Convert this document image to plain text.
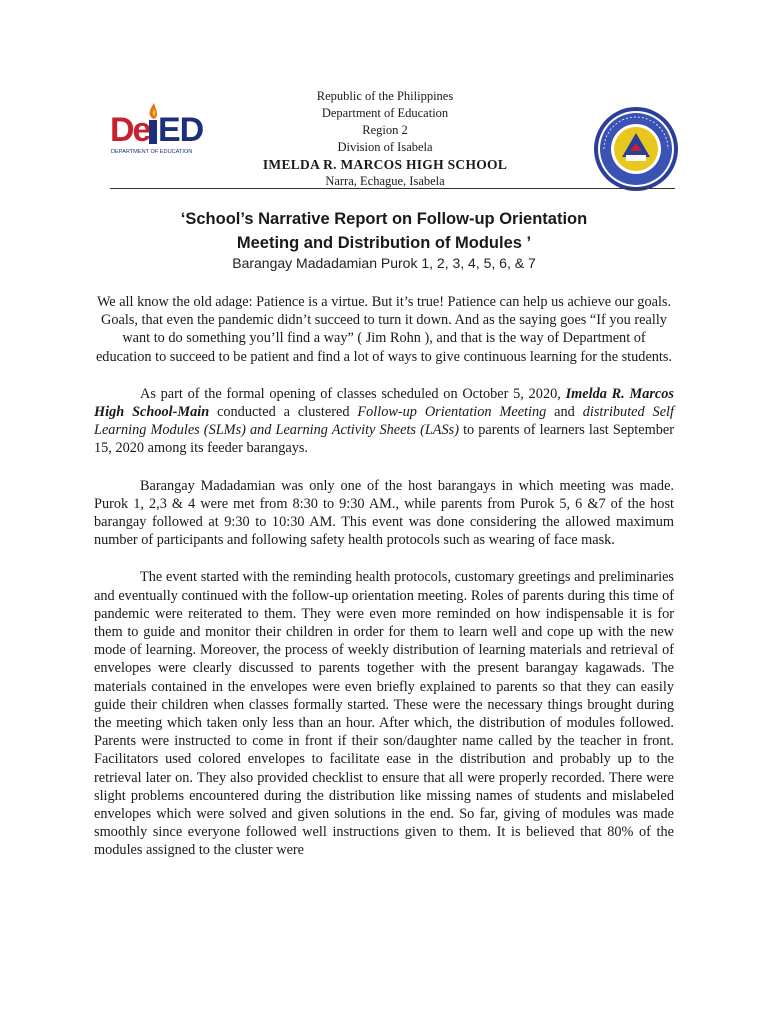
De ED
DEPARTMENT OF EDUCATION
Republic of the Philippines
Department of Education
Region 2
Division of Isabela
IMELDA R. MARCOS HIGH SCHOOL
Narra, Echague, Isabela
‘School’s Narrative Report on Follow-up Orientation
Meeting and Distribution of Modules ’
Barangay Madadamian Purok 1, 2, 3, 4, 5, 6, & 7

We all know the old adage: Patience is a virtue. But it’s true! Patience can help us achieve our goals. Goals, that even the pandemic didn’t succeed to turn it down. And as the saying goes “If you really want to do something you’ll find a way” ( Jim Rohn ), and that is the way of Department of education to succeed to be patient and find a lot of ways to give continuous learning for the students.

As part of the formal opening of classes scheduled on October 5, 2020, Imelda R. Marcos High School-Main conducted a clustered Follow-up Orientation Meeting and distributed Self Learning Modules (SLMs) and Learning Activity Sheets (LASs) to parents of learners last September 15, 2020 among its feeder barangays.

Barangay Madadamian was only one of the host barangays in which meeting was made. Purok 1, 2,3 & 4 were met from 8:30 to 9:30 AM., while parents from Purok 5, 6 &7 of the host barangay followed at 9:30 to 10:30 AM. This event was done considering the allowed maximum number of participants and following safety health protocols such as wearing of face mask.

The event started with the reminding health protocols, customary greetings and preliminaries and eventually continued with the follow-up orientation meeting. Roles of parents during this time of pandemic were reiterated to them. They were even more reminded on how indispensable it is for them to guide and monitor their children in order for them to learn well and cope up with the new mode of learning. Moreover, the process of weekly distribution of learning materials and retrieval of envelopes were clearly discussed to parents together with the present barangay kagawads. The materials contained in the envelopes were even briefly explained to parents so that they can easily guide their children when classes formally started. These were the necessary things brought during the meeting which taken only less than an hour. After which, the distribution of modules followed. Parents were instructed to come in front if their son/daughter name called by the teacher in front. Facilitators used colored envelopes to facilitate ease in the distribution and probably up to the retrieval later on. They also provided checklist to ensure that all were properly recorded. There were slight problems encountered during the distribution like missing names of students and mislabeled envelopes which were solved and given solutions in the end. So far, giving of modules was made smoothly since everyone followed well instructions given to them. It is believed that 80% of the modules assigned to the cluster were
